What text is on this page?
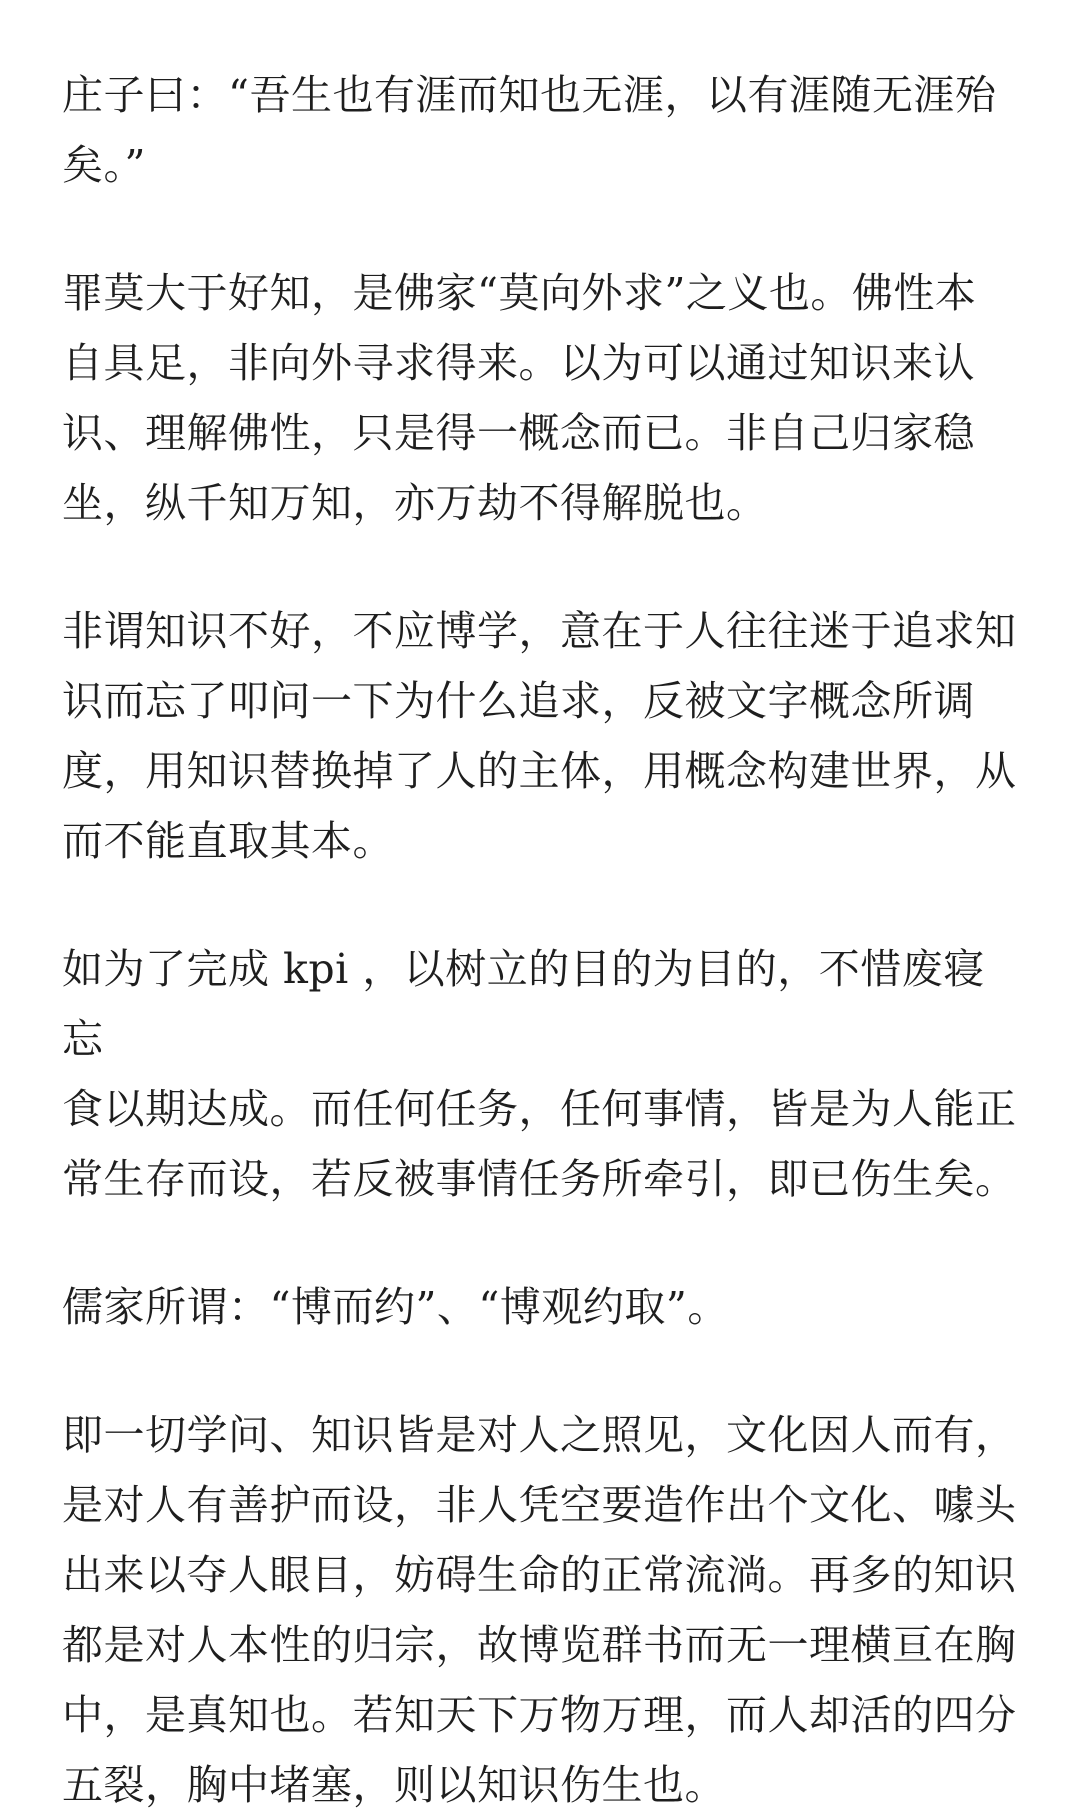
庄子曰：“吾生也有涯而知也无涯，以有涯随无涯殆
矣。”

罪莫大于好知，是佛家“莫向外求”之义也。佛性本
自具足，非向外寻求得来。以为可以通过知识来认
识、理解佛性，只是得一概念而已。非自己归家稳
坐，纵千知万知，亦万劫不得解脱也。

非谓知识不好，不应博学，意在于人往往迷于追求知
识而忘了叩问一下为什么追求，反被文字概念所调
度，用知识替换掉了人的主体，用概念构建世界，从
而不能直取其本。

如为了完成 kpi ，以树立的目的为目的，不惜废寝忘
食以期达成。而任何任务，任何事情，皆是为人能正
常生存而设，若反被事情任务所牵引，即已伤生矣。

儒家所谓：“博而约”、“博观约取”。

即一切学问、知识皆是对人之照见，文化因人而有，
是对人有善护而设，非人凭空要造作出个文化、噱头
出来以夺人眼目，妨碍生命的正常流淌。再多的知识
都是对人本性的归宗，故博览群书而无一理横亘在胸
中，是真知也。若知天下万物万理，而人却活的四分
五裂，胸中堵塞，则以知识伤生也。
